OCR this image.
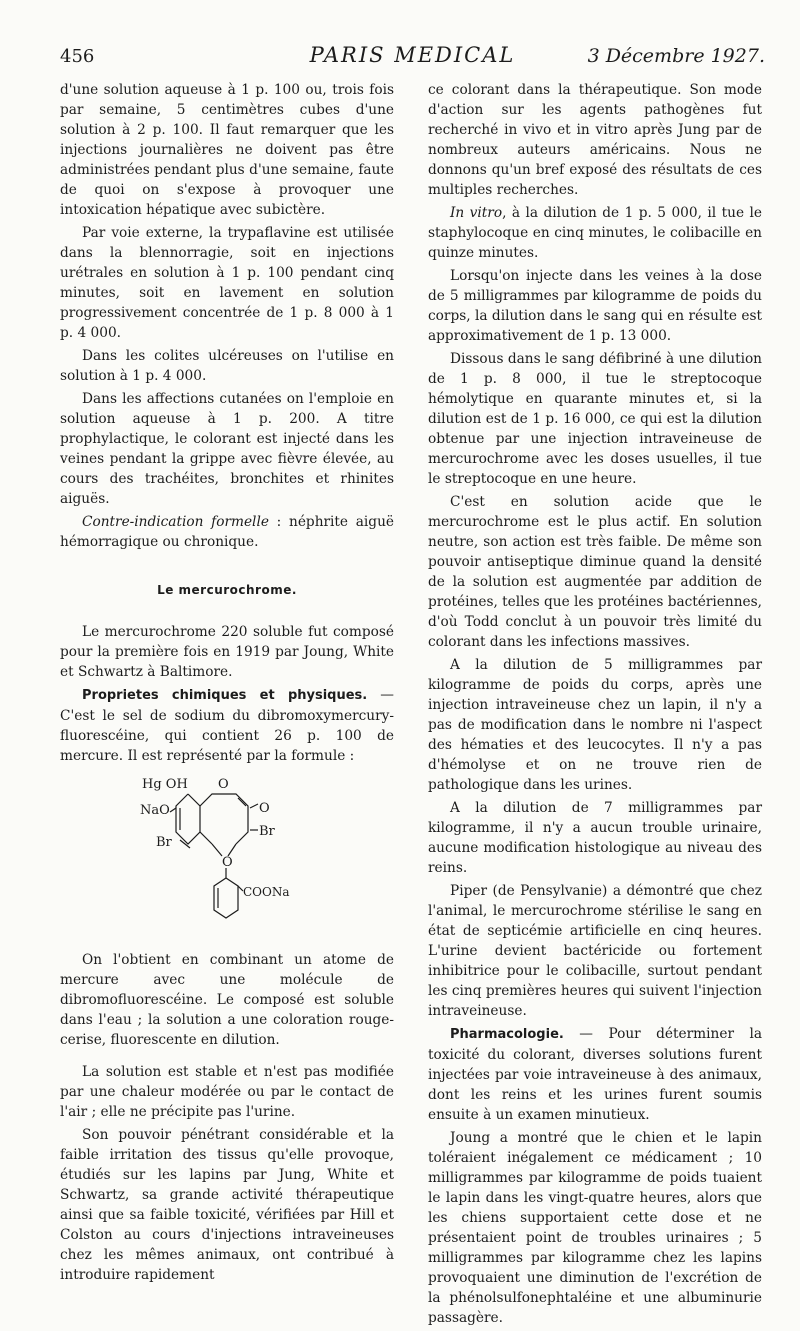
456	PARIS MEDICAL	3 Décembre 1927.

d'une solution aqueuse à 1 p. 100 ou, trois fois par semaine, 5 centimètres cubes d'une solution à 2 p. 100. Il faut remarquer que les injections journalières ne doivent pas être administrées pendant plus d'une semaine, faute de quoi on s'expose à provoquer une intoxication hépatique avec subictère.

Par voie externe, la trypaflavine est utilisée dans la blennorragie, soit en injections urétrales en solution à 1 p. 100 pendant cinq minutes, soit en lavement en solution progressivement concentrée de 1 p. 8 000 à 1 p. 4 000.

Dans les colites ulcéreuses on l'utilise en solution à 1 p. 4 000.

Dans les affections cutanées on l'emploie en solution aqueuse à 1 p. 200. A titre prophylactique, le colorant est injecté dans les veines pendant la grippe avec fièvre élevée, au cours des trachéites, bronchites et rhinites aiguës.

Contre-indication formelle : néphrite aiguë hémorragique ou chronique.

Le mercurochrome.

Le mercurochrome 220 soluble fut composé pour la première fois en 1919 par Joung, White et Schwartz à Baltimore.

Proprietes chimiques et physiques. — C'est le sel de sodium du dibromoxymercury-fluorescéine, qui contient 26 p. 100 de mercure. Il est représenté par la formule :

Hg OH O
O
NaO
Br
Br
O
COONa

On l'obtient en combinant un atome de mercure avec une molécule de dibromofluorescéine. Le composé est soluble dans l'eau ; la solution a une coloration rouge-cerise, fluorescente en dilution.

La solution est stable et n'est pas modifiée par une chaleur modérée ou par le contact de l'air ; elle ne précipite pas l'urine.

Son pouvoir pénétrant considérable et la faible irritation des tissus qu'elle provoque, étudiés sur les lapins par Jung, White et Schwartz, sa grande activité thérapeutique ainsi que sa faible toxicité, vérifiées par Hill et Colston au cours d'injections intraveineuses chez les mêmes animaux, ont contribué à introduire rapidement

ce colorant dans la thérapeutique. Son mode d'action sur les agents pathogènes fut recherché in vivo et in vitro après Jung par de nombreux auteurs américains. Nous ne donnons qu'un bref exposé des résultats de ces multiples recherches.

In vitro, à la dilution de 1 p. 5 000, il tue le staphylocoque en cinq minutes, le colibacille en quinze minutes.

Lorsqu'on injecte dans les veines à la dose de 5 milligrammes par kilogramme de poids du corps, la dilution dans le sang qui en résulte est approximativement de 1 p. 13 000.

Dissous dans le sang défibriné à une dilution de 1 p. 8 000, il tue le streptocoque hémolytique en quarante minutes et, si la dilution est de 1 p. 16 000, ce qui est la dilution obtenue par une injection intraveineuse de mercurochrome avec les doses usuelles, il tue le streptocoque en une heure.

C'est en solution acide que le mercurochrome est le plus actif. En solution neutre, son action est très faible. De même son pouvoir antiseptique diminue quand la densité de la solution est augmentée par addition de protéines, telles que les protéines bactériennes, d'où Todd conclut à un pouvoir très limité du colorant dans les infections massives.

A la dilution de 5 milligrammes par kilogramme de poids du corps, après une injection intraveineuse chez un lapin, il n'y a pas de modification dans le nombre ni l'aspect des hématies et des leucocytes. Il n'y a pas d'hémolyse et on ne trouve rien de pathologique dans les urines.

A la dilution de 7 milligrammes par kilogramme, il n'y a aucun trouble urinaire, aucune modification histologique au niveau des reins.

Piper (de Pensylvanie) a démontré que chez l'animal, le mercurochrome stérilise le sang en état de septicémie artificielle en cinq heures. L'urine devient bactéricide ou fortement inhibitrice pour le colibacille, surtout pendant les cinq premières heures qui suivent l'injection intraveineuse.

Pharmacologie. — Pour déterminer la toxicité du colorant, diverses solutions furent injectées par voie intraveineuse à des animaux, dont les reins et les urines furent soumis ensuite à un examen minutieux.

Joung a montré que le chien et le lapin toléraient inégalement ce médicament ; 10 milligrammes par kilogramme de poids tuaient le lapin dans les vingt-quatre heures, alors que les chiens supportaient cette dose et ne présentaient point de troubles urinaires ; 5 milligrammes par kilogramme chez les lapins provoquaient une diminution de l'excrétion de la phénolsulfonephtaléine et une albuminurie passagère.
